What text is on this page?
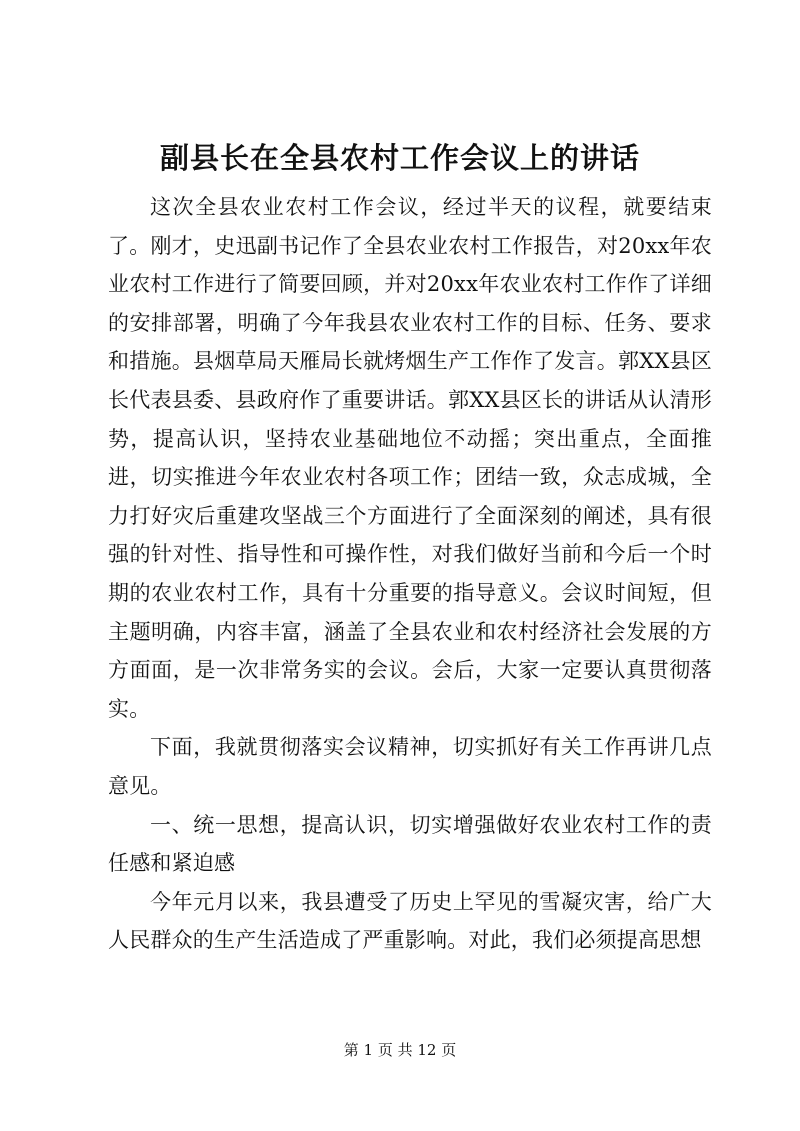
副县长在全县农村工作会议上的讲话

这次全县农业农村工作会议，经过半天的议程，就要结束了。刚才，史迅副书记作了全县农业农村工作报告，对20xx年农业农村工作进行了简要回顾，并对20xx年农业农村工作作了详细的安排部署，明确了今年我县农业农村工作的目标、任务、要求和措施。县烟草局天雁局长就烤烟生产工作作了发言。郭XX县区长代表县委、县政府作了重要讲话。郭XX县区长的讲话从认清形势，提高认识，坚持农业基础地位不动摇；突出重点，全面推进，切实推进今年农业农村各项工作；团结一致，众志成城，全力打好灾后重建攻坚战三个方面进行了全面深刻的阐述，具有很强的针对性、指导性和可操作性，对我们做好当前和今后一个时期的农业农村工作，具有十分重要的指导意义。会议时间短，但主题明确，内容丰富，涵盖了全县农业和农村经济社会发展的方方面面，是一次非常务实的会议。会后，大家一定要认真贯彻落实。

下面，我就贯彻落实会议精神，切实抓好有关工作再讲几点意见。

一、统一思想，提高认识，切实增强做好农业农村工作的责任感和紧迫感

今年元月以来，我县遭受了历史上罕见的雪凝灾害，给广大人民群众的生产生活造成了严重影响。对此，我们必须提高思想

第 1 页 共 12 页
